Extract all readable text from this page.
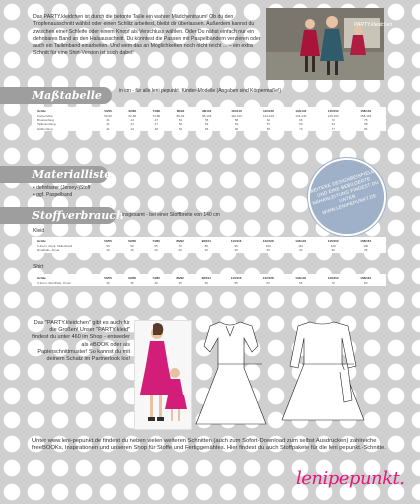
Das PARTY.kleidchen ist durch die betonte Taille ein wahrer Mädchentraum! Ob du den Tropfenausschnitt wählst oder einen Schlitz arbeitest, bleibt dir überlassen. Außerdem kannst du zwischen einer Schleife oder einem Knopf als Verschluss wählen. Oder Du nähst einfach nur ein dehnbares Band an den Halsausschnitt. Du könntest die Passen mit Paspelbändern verzieren oder auch ein Taillenband einarbeiten. Und wem das an Möglichkeiten noch nicht reicht ... – ein extra Schnitt für eine Shirt-Version ist auch dabei!
PARTY.kleidchen
Maßtabelle	in cm - für alle leni pepunkt. Kinder-Modelle (Angaben sind Körpermaße!)
Größe	50/56	62/68	74/80	86/92	98/104	110/116	122/128	134/140	146/152	158/164
Körperhöhe	50-56	62-68	74-80	86-92	98-104	110-116	122-128	134-140	146-152	158-164
Brustumfang	41	44	47	51	55	58	62	66	72	78
Taillenumfang	41	44	47	50	52	54	57	60	64	68
Hüftumfang	41	44	48	52	56	60	65	70	77	84
Materialliste
• dehnbarer (Jersey-)Stoff
• ggf. Paspelband
WEITERE DESIGNBEISPIELE UND EINE BEBILDERTE NÄHANLEITUNG FINDEST DU UNTER WWW.LENIPEPUNKT.DE
Stoffverbrauch
insgesamt - bei einer Stoffbreite von 140 cm
Kleid
Größe	50/56	62/68	74/80	86/92	98/104	110/116	122/128	134/140	146/152	158/164
V-Form, Rock, Taillenband	50	60	65	70	80	90	100	110	120	130
Rundhals, Ärmel	10	15	20	20	20	25	25	30	30	35
Shirt
Größe	50/56	62/68	74/80	86/92	98/104	110/116	122/128	134/140	146/152	158/164
V-Form, Rundhals, Ärmel	30	35	40	45	50	55	60	65	70	80
Das "PARTY.kleidchen" gibt es auch für die Großen! Unser "PARTY.kleid" findest du unter 460 im Shop - entweder als eBOOK oder als Papierschnittmuster! So kannst du mit deinem Schatz im Partnerlook los!
Unter www.leni-pepunkt.de findest du neben vielen weiteren Schnitten (auch zum Sofort-Download zum selbst Ausdrucken) zahlreiche freeBOOKs, Inspirationen und unseren Shop für Stoffe und Fertiggenähtes. Hier findest du auch Stoffpakete für die leni pepunkt.-Schnitte.
lenipepunkt.
